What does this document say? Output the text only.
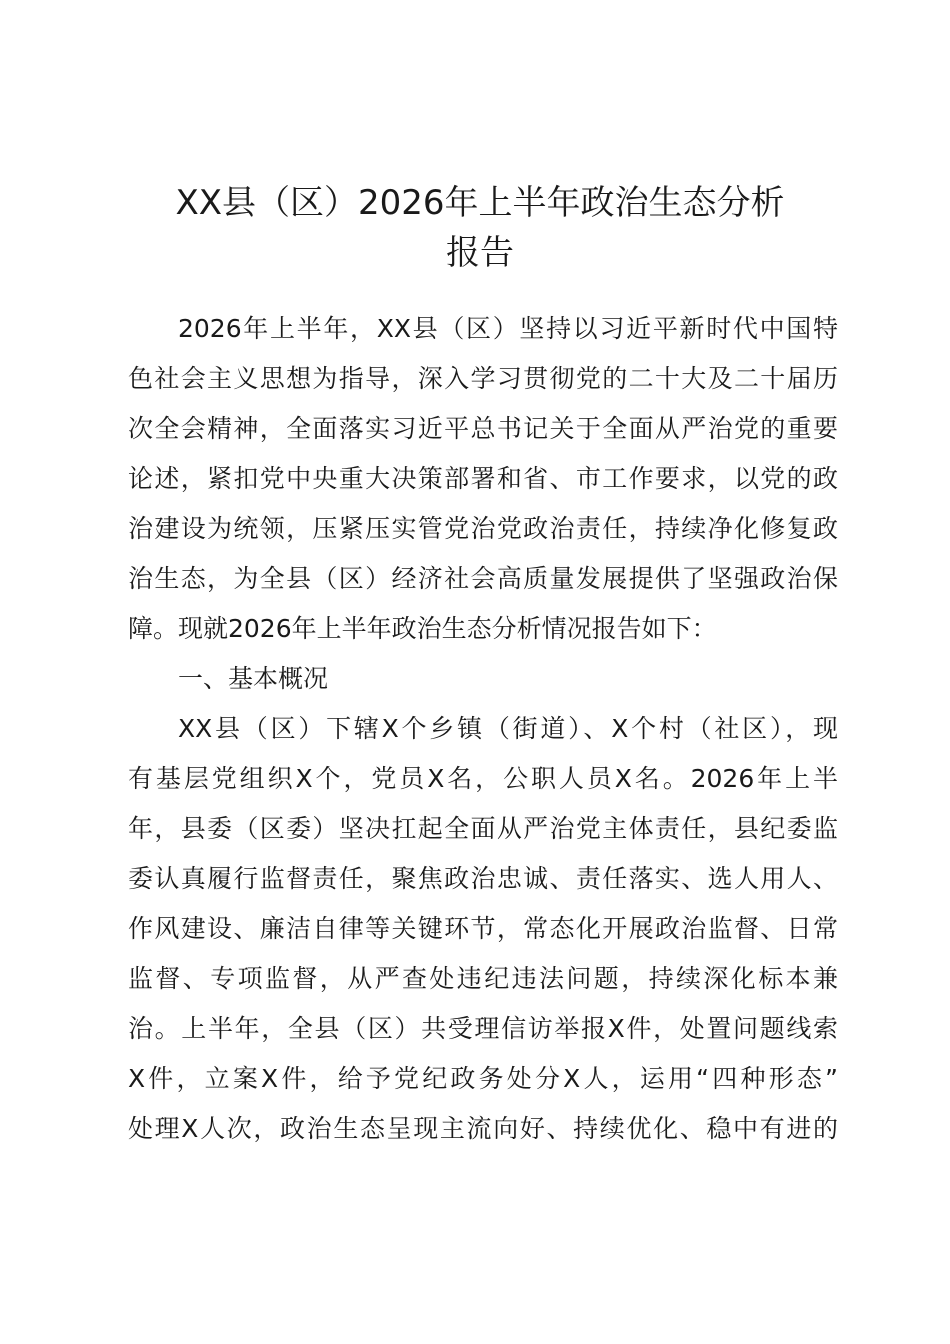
XX县（区）2026年上半年政治生态分析
报告
2026年上半年，XX县（区）坚持以习近平新时代中国特
色社会主义思想为指导，深入学习贯彻党的二十大及二十届历
次全会精神，全面落实习近平总书记关于全面从严治党的重要
论述，紧扣党中央重大决策部署和省、市工作要求，以党的政
治建设为统领，压紧压实管党治党政治责任，持续净化修复政
治生态，为全县（区）经济社会高质量发展提供了坚强政治保
障。现就2026年上半年政治生态分析情况报告如下：
一、基本概况
XX县（区）下辖X个乡镇（街道）、X个村（社区），现
有基层党组织X个，党员X名，公职人员X名。2026年上半
年，县委（区委）坚决扛起全面从严治党主体责任，县纪委监
委认真履行监督责任，聚焦政治忠诚、责任落实、选人用人、
作风建设、廉洁自律等关键环节，常态化开展政治监督、日常
监督、专项监督，从严查处违纪违法问题，持续深化标本兼
治。上半年，全县（区）共受理信访举报X件，处置问题线索
X件，立案X件，给予党纪政务处分X人，运用“四种形态”
处理X人次，政治生态呈现主流向好、持续优化、稳中有进的
